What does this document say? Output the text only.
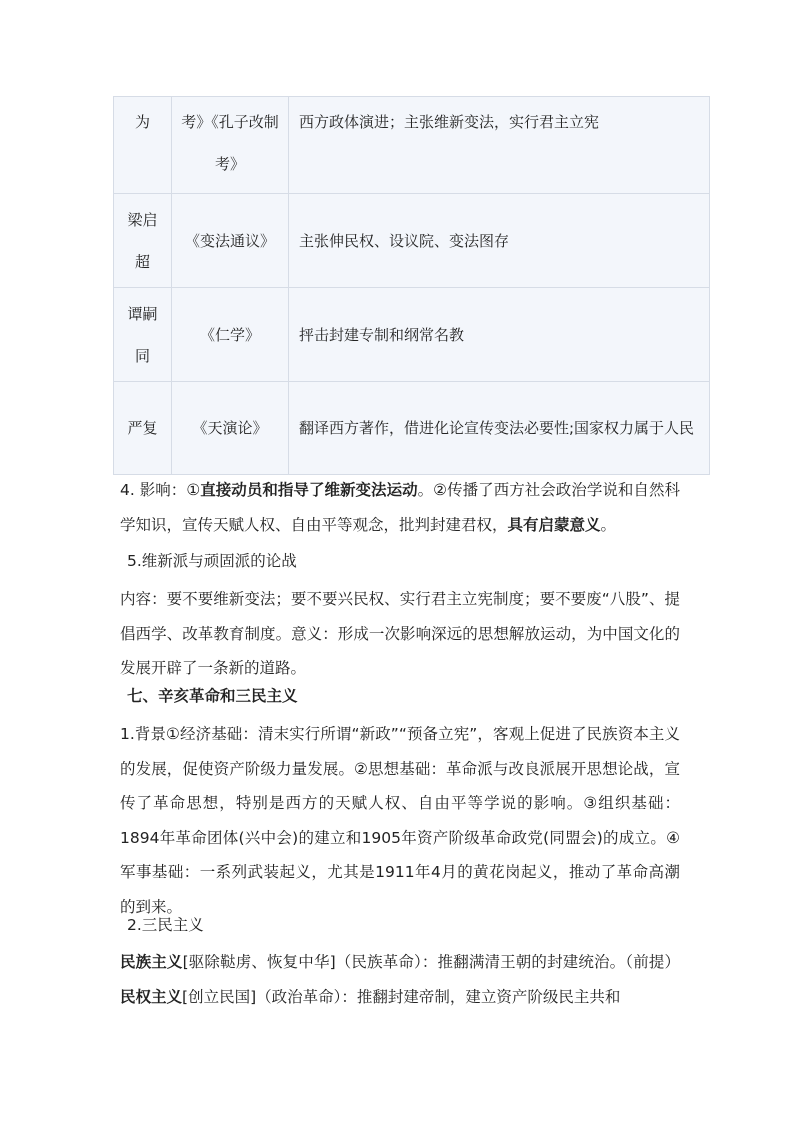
为	考》《孔子改制考》	西方政体演进；主张维新变法，实行君主立宪
梁启超	《变法通议》	主张伸民权、设议院、变法图存
谭嗣同	《仁学》	抨击封建专制和纲常名教
严复	《天演论》	翻译西方著作，借进化论宣传变法必要性;国家权力属于人民

4. 影响：①直接动员和指导了维新变法运动。②传播了西方社会政治学说和自然科学知识，宣传天赋人权、自由平等观念，批判封建君权，具有启蒙意义。

5.维新派与顽固派的论战

内容：要不要维新变法；要不要兴民权、实行君主立宪制度；要不要废“八股”、提倡西学、改革教育制度。意义：形成一次影响深远的思想解放运动，为中国文化的发展开辟了一条新的道路。

七、辛亥革命和三民主义

1.背景①经济基础：清末实行所谓“新政”“预备立宪”，客观上促进了民族资本主义的发展，促使资产阶级力量发展。②思想基础：革命派与改良派展开思想论战，宣传了革命思想，特别是西方的天赋人权、自由平等学说的影响。③组织基础：1894年革命团体(兴中会)的建立和1905年资产阶级革命政党(同盟会)的成立。④军事基础：一系列武装起义，尤其是1911年4月的黄花岗起义，推动了革命高潮的到来。

2.三民主义

民族主义[驱除鞑虏、恢复中华]（民族革命）：推翻满清王朝的封建统治。（前提）民权主义[创立民国]（政治革命）：推翻封建帝制，建立资产阶级民主共和
